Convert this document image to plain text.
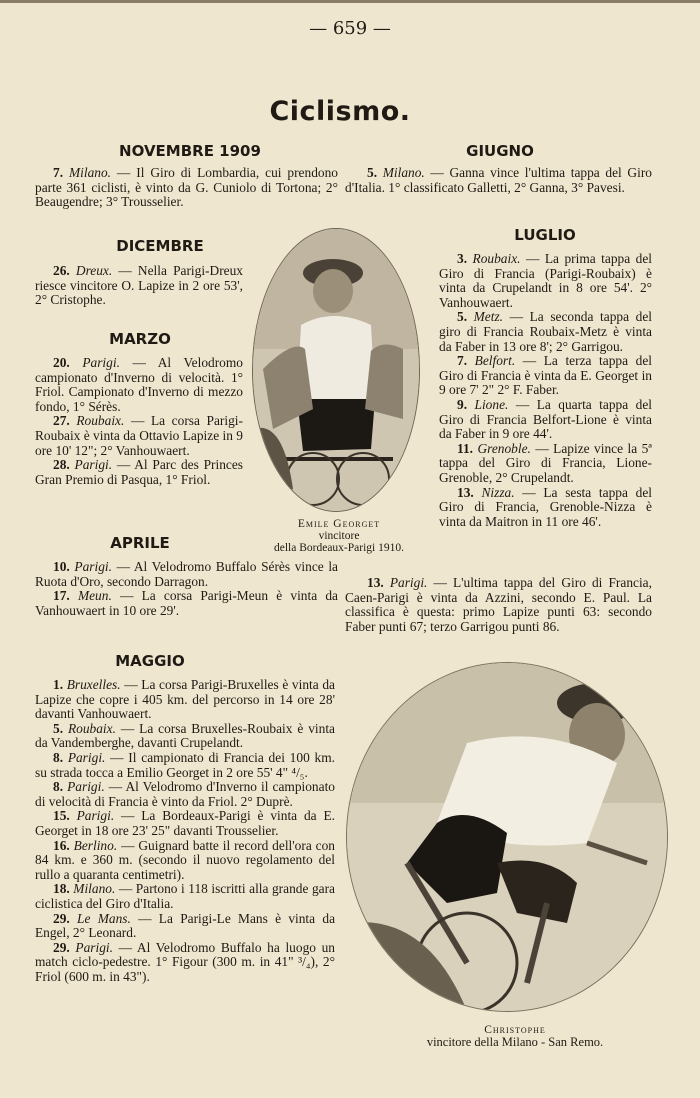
— 659 —
Ciclismo.
NOVEMBRE 1909

7. Milano. — Il Giro di Lombardia, cui prendono parte 361 ciclisti, è vinto da G. Cuniolo di Tortona; 2° Beaugendre; 3° Trousselier.

DICEMBRE

26. Dreux. — Nella Parigi-Dreux riesce vincitore O. Lapize in 2 ore 53', 2° Cristophe.

MARZO

20. Parigi. — Al Velodromo campionato d'Inverno di velocità. 1° Friol. Campionato d'Inverno di mezzo fondo, 1° Sérès.

27. Roubaix. — La corsa Parigi-Roubaix è vinta da Ottavio Lapize in 9 ore 10' 12"; 2° Vanhouwaert.

28. Parigi. — Al Parc des Princes Gran Premio di Pasqua, 1° Friol.

APRILE

10. Parigi. — Al Velodromo Buffalo Sérès vince la Ruota d'Oro, secondo Darragon.

17. Meun. — La corsa Parigi-Meun è vinta da Vanhouwaert in 10 ore 29'.

MAGGIO

1. Bruxelles. — La corsa Parigi-Bruxelles è vinta da Lapize che copre i 405 km. del percorso in 14 ore 28' davanti Vanhouwaert.

5. Roubaix. — La corsa Bruxelles-Roubaix è vinta da Vandemberghe, davanti Crupelandt.

8. Parigi. — Il campionato di Francia dei 100 km. su strada tocca a Emilio Georget in 2 ore 55' 4" ⁴/₅.

8. Parigi. — Al Velodromo d'Inverno il campionato di velocità di Francia è vinto da Friol. 2° Duprè.

15. Parigi. — La Bordeaux-Parigi è vinta da E. Georget in 18 ore 23' 25" davanti Trousselier.

16. Berlino. — Guignard batte il record dell'ora con 84 km. e 360 m. (secondo il nuovo regolamento del rullo a quaranta centimetri).

18. Milano. — Partono i 118 iscritti alla grande gara ciclistica del Giro d'Italia.

29. Le Mans. — La Parigi-Le Mans è vinta da Engel, 2° Leonard.

29. Parigi. — Al Velodromo Buffalo ha luogo un match ciclo-pedestre. 1° Figour (300 m. in 41" ³/₄), 2° Friol (600 m. in 43").

Emile Georget
vincitore
della Bordeaux-Parigi 1910.
GIUGNO

5. Milano. — Ganna vince l'ultima tappa del Giro d'Italia. 1° classificato Galletti, 2° Ganna, 3° Pavesi.

LUGLIO

3. Roubaix. — La prima tappa del Giro di Francia (Parigi-Roubaix) è vinta da Crupelandt in 8 ore 54'. 2° Vanhouwaert.

5. Metz. — La seconda tappa del giro di Francia Roubaix-Metz è vinta da Faber in 13 ore 8'; 2° Garrigou.

7. Belfort. — La terza tappa del Giro di Francia è vinta da E. Georget in 9 ore 7' 2" 2° F. Faber.

9. Lione. — La quarta tappa del Giro di Francia Belfort-Lione è vinta da Faber in 9 ore 44'.

11. Grenoble. — Lapize vince la 5ª tappa del Giro di Francia, Lione-Grenoble, 2° Crupelandt.

13. Nizza. — La sesta tappa del Giro di Francia, Grenoble-Nizza è vinta da Maitron in 11 ore 46'.

13. Parigi. — L'ultima tappa del Giro di Francia, Caen-Parigi è vinta da Azzini, secondo E. Paul. La classifica è questa: primo Lapize punti 63: secondo Faber punti 67; terzo Garrigou punti 86.

Christophe
vincitore della Milano - San Remo.
